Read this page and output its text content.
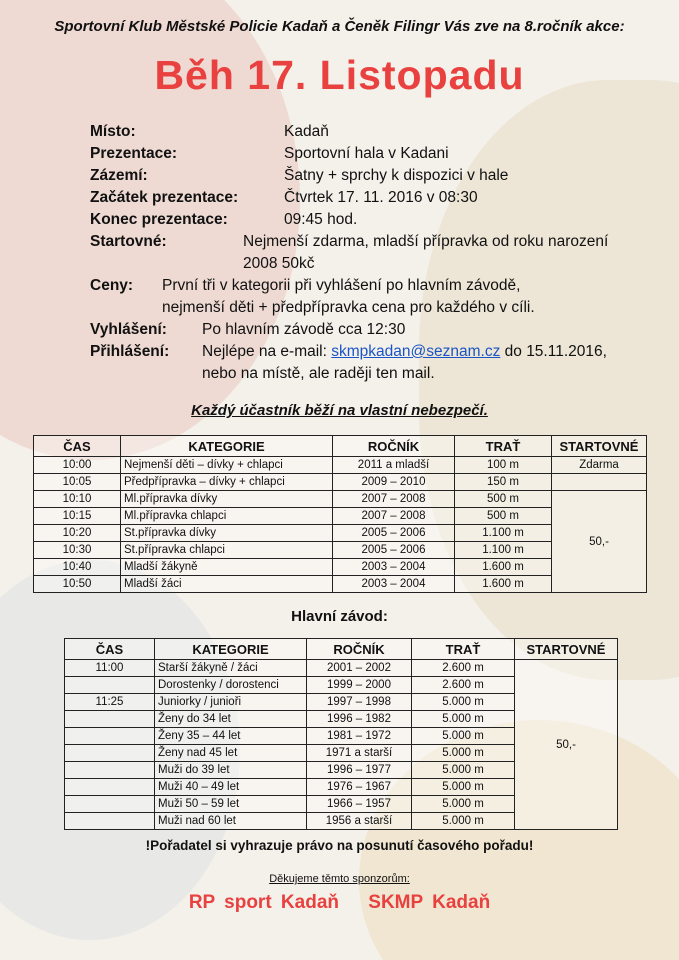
Sportovní Klub Městské Policie Kadaň a Čeněk Filingr Vás zve na 8.ročník akce:
Běh 17. Listopadu
Místo:	Kadaň
Prezentace:	Sportovní hala v Kadani
Zázemí:	Šatny + sprchy k dispozici v hale
Začátek prezentace:	Čtvrtek 17. 11. 2016 v 08:30
Konec prezentace:	09:45 hod.
Startovné:	Nejmenší zdarma, mladší přípravka od roku narození
2008 50kč
Ceny: První tři v kategorii při vyhlášení po hlavním závodě,
nejmenší děti + předpřípravka cena pro každého v cíli.
Vyhlášení: Po hlavním závodě cca 12:30
Přihlášení: Nejlépe na e-mail: skmpkadan@seznam.cz do 15.11.2016,
nebo na místě, ale raději ten mail.
Každý účastník běží na vlastní nebezpečí.
ČAS	KATEGORIE	ROČNÍK	TRAŤ	STARTOVNÉ
10:00	Nejmenší děti – dívky + chlapci	2011 a mladší	100 m	Zdarma
10:05	Předpřípravka – dívky + chlapci	2009 – 2010	150 m	
10:10	Ml.přípravka dívky	2007 – 2008	500 m	50,-
10:15	Ml.přípravka chlapci	2007 – 2008	500 m	
10:20	St.přípravka dívky	2005 – 2006	1.100 m	
10:30	St.přípravka chlapci	2005 – 2006	1.100 m	
10:40	Mladší žákyně	2003 – 2004	1.600 m	
10:50	Mladší žáci	2003 – 2004	1.600 m	
Hlavní závod:
ČAS	KATEGORIE	ROČNÍK	TRAŤ	STARTOVNÉ
11:00	Starší žákyně / žáci	2001 – 2002	2.600 m	50,-
	Dorostenky / dorostenci	1999 – 2000	2.600 m	
11:25	Juniorky / junioři	1997 – 1998	5.000 m	
	Ženy do 34 let	1996 – 1982	5.000 m	
	Ženy 35 – 44 let	1981 – 1972	5.000 m	
	Ženy nad 45 let	1971 a starší	5.000 m	
	Muži do 39 let	1996 – 1977	5.000 m	
	Muži 40 – 49 let	1976 – 1967	5.000 m	
	Muži 50 – 59 let	1966 – 1957	5.000 m	
	Muži nad 60 let	1956 a starší	5.000 m	
!Pořadatel si vyhrazuje právo na posunutí časového pořadu!
Děkujeme těmto sponzorům:
RP sport Kadaň SKMP Kadaň
